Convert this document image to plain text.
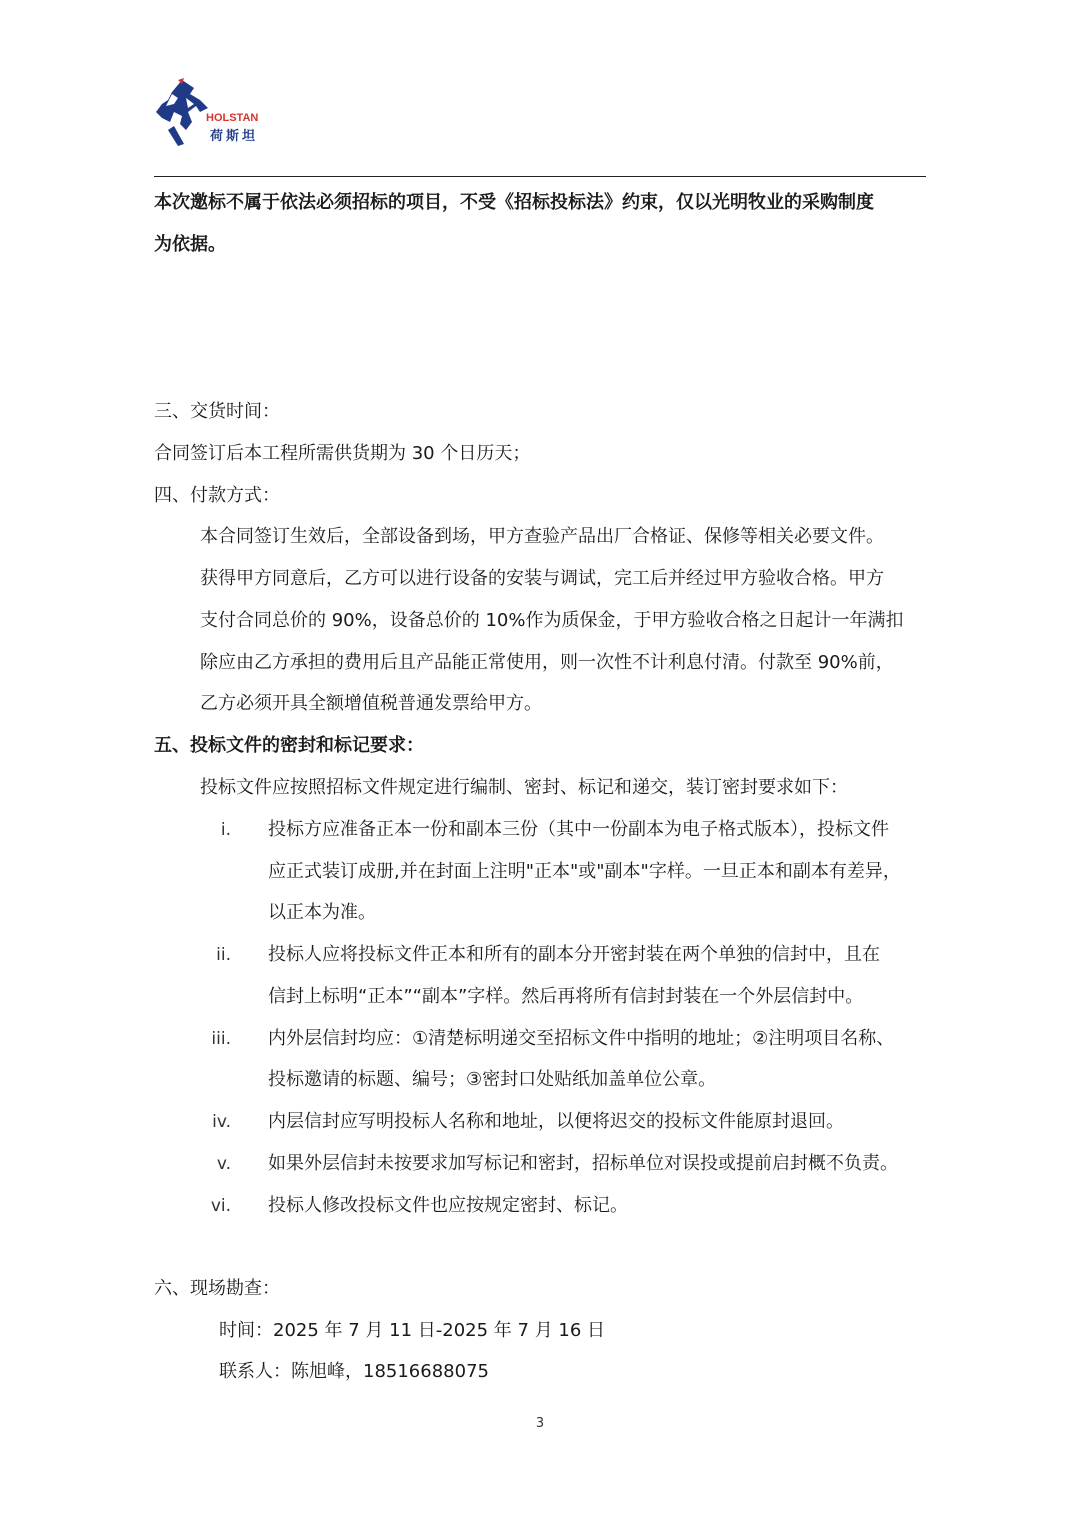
HOLSTAN
荷斯坦
本次邀标不属于依法必须招标的项目，不受《招标投标法》约束，仅以光明牧业的采购制度
为依据。
三、交货时间：
合同签订后本工程所需供货期为 30 个日历天；
四、付款方式：
本合同签订生效后，全部设备到场，甲方查验产品出厂合格证、保修等相关必要文件。
获得甲方同意后，乙方可以进行设备的安装与调试，完工后并经过甲方验收合格。甲方
支付合同总价的 90%，设备总价的 10%作为质保金，于甲方验收合格之日起计一年满扣
除应由乙方承担的费用后且产品能正常使用，则一次性不计利息付清。付款至 90%前，
乙方必须开具全额增值税普通发票给甲方。
五、投标文件的密封和标记要求：
投标文件应按照招标文件规定进行编制、密封、标记和递交，装订密封要求如下：
i. 投标方应准备正本一份和副本三份（其中一份副本为电子格式版本），投标文件
应正式装订成册,并在封面上注明"正本"或"副本"字样。一旦正本和副本有差异，
以正本为准。
ii. 投标人应将投标文件正本和所有的副本分开密封装在两个单独的信封中，且在
信封上标明“正本”“副本”字样。然后再将所有信封封装在一个外层信封中。
iii. 内外层信封均应：①清楚标明递交至招标文件中指明的地址；②注明项目名称、
投标邀请的标题、编号；③密封口处贴纸加盖单位公章。
iv. 内层信封应写明投标人名称和地址，以便将迟交的投标文件能原封退回。
v. 如果外层信封未按要求加写标记和密封，招标单位对误投或提前启封概不负责。
vi. 投标人修改投标文件也应按规定密封、标记。
六、现场勘查：
时间：2025 年 7 月 11 日-2025 年 7 月 16 日
联系人：陈旭峰，18516688075
3
